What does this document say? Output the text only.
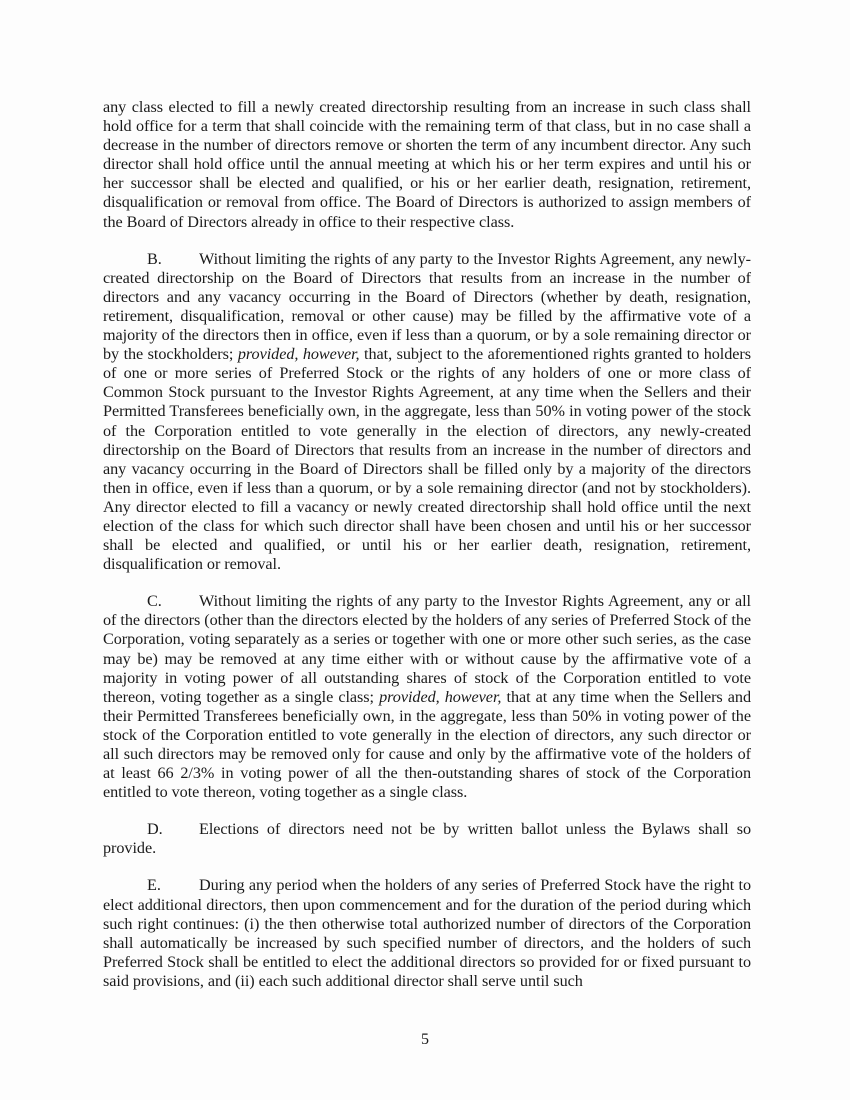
any class elected to fill a newly created directorship resulting from an increase in such class shall hold office for a term that shall coincide with the remaining term of that class, but in no case shall a decrease in the number of directors remove or shorten the term of any incumbent director. Any such director shall hold office until the annual meeting at which his or her term expires and until his or her successor shall be elected and qualified, or his or her earlier death, resignation, retirement, disqualification or removal from office. The Board of Directors is authorized to assign members of the Board of Directors already in office to their respective class.

B. Without limiting the rights of any party to the Investor Rights Agreement, any newly-created directorship on the Board of Directors that results from an increase in the number of directors and any vacancy occurring in the Board of Directors (whether by death, resignation, retirement, disqualification, removal or other cause) may be filled by the affirmative vote of a majority of the directors then in office, even if less than a quorum, or by a sole remaining director or by the stockholders; provided, however, that, subject to the aforementioned rights granted to holders of one or more series of Preferred Stock or the rights of any holders of one or more class of Common Stock pursuant to the Investor Rights Agreement, at any time when the Sellers and their Permitted Transferees beneficially own, in the aggregate, less than 50% in voting power of the stock of the Corporation entitled to vote generally in the election of directors, any newly-created directorship on the Board of Directors that results from an increase in the number of directors and any vacancy occurring in the Board of Directors shall be filled only by a majority of the directors then in office, even if less than a quorum, or by a sole remaining director (and not by stockholders). Any director elected to fill a vacancy or newly created directorship shall hold office until the next election of the class for which such director shall have been chosen and until his or her successor shall be elected and qualified, or until his or her earlier death, resignation, retirement, disqualification or removal.

C. Without limiting the rights of any party to the Investor Rights Agreement, any or all of the directors (other than the directors elected by the holders of any series of Preferred Stock of the Corporation, voting separately as a series or together with one or more other such series, as the case may be) may be removed at any time either with or without cause by the affirmative vote of a majority in voting power of all outstanding shares of stock of the Corporation entitled to vote thereon, voting together as a single class; provided, however, that at any time when the Sellers and their Permitted Transferees beneficially own, in the aggregate, less than 50% in voting power of the stock of the Corporation entitled to vote generally in the election of directors, any such director or all such directors may be removed only for cause and only by the affirmative vote of the holders of at least 66 2/3% in voting power of all the then-outstanding shares of stock of the Corporation entitled to vote thereon, voting together as a single class.

D. Elections of directors need not be by written ballot unless the Bylaws shall so provide.

E. During any period when the holders of any series of Preferred Stock have the right to elect additional directors, then upon commencement and for the duration of the period during which such right continues: (i) the then otherwise total authorized number of directors of the Corporation shall automatically be increased by such specified number of directors, and the holders of such Preferred Stock shall be entitled to elect the additional directors so provided for or fixed pursuant to said provisions, and (ii) each such additional director shall serve until such

5
